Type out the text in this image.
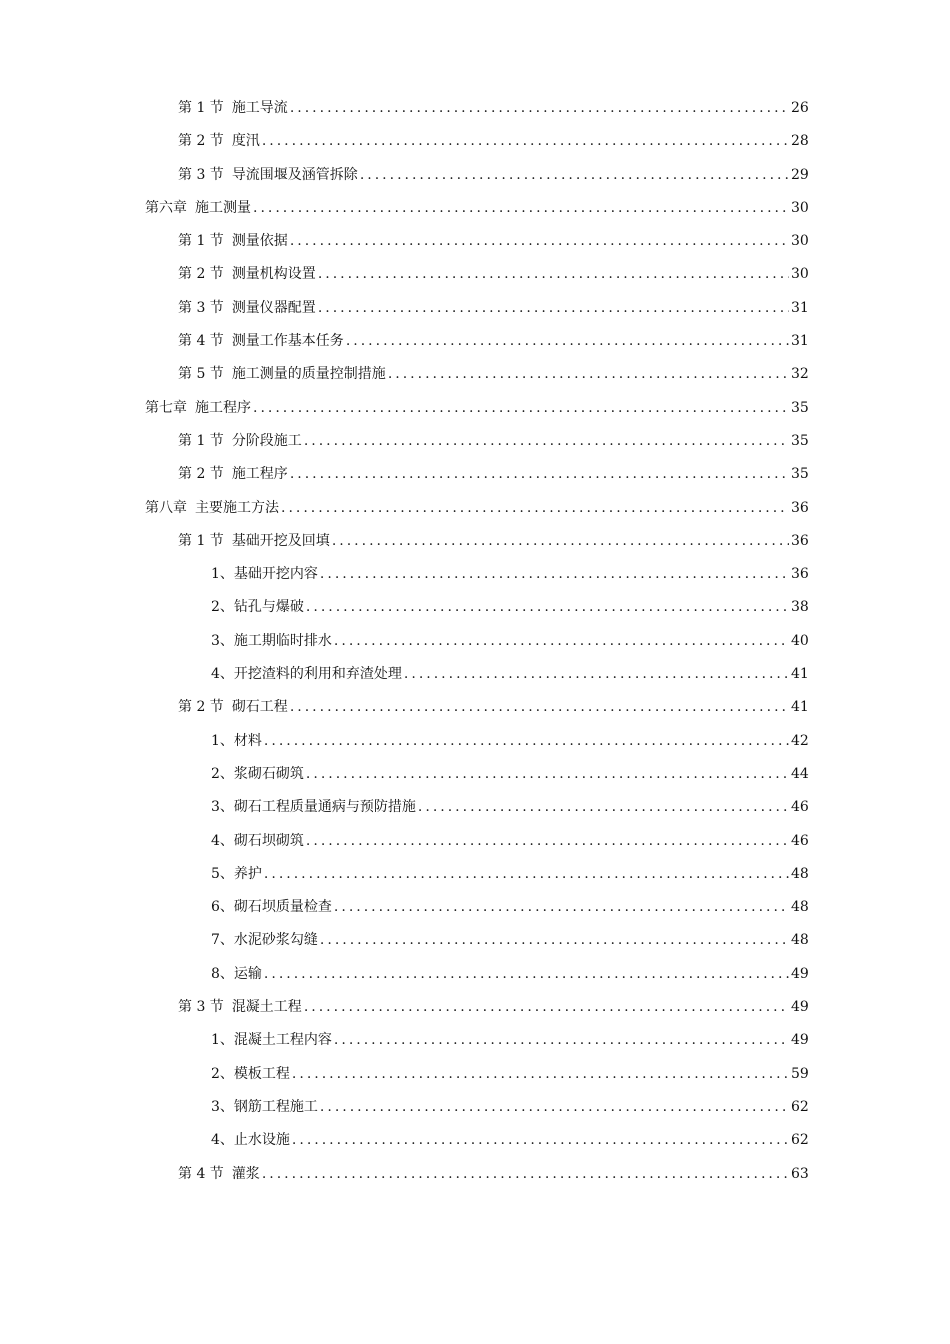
第 1 节 施工导流 .....	26
第 2 节 度汛 .....	28
第 3 节 导流围堰及涵管拆除 .....	29
第六章 施工测量 .....	30
第 1 节 测量依据 .....	30
第 2 节 测量机构设置 .....	30
第 3 节 测量仪器配置 .....	31
第 4 节 测量工作基本任务 .....	31
第 5 节 施工测量的质量控制措施 .....	32
第七章 施工程序 .....	35
第 1 节 分阶段施工 .....	35
第 2 节 施工程序 .....	35
第八章 主要施工方法 .....	36
第 1 节 基础开挖及回填 .....	36
1、 基础开挖内容 .....	36
2、 钻孔与爆破 .....	38
3、 施工期临时排水 .....	40
4、 开挖渣料的利用和弃渣处理 .....	41
第 2 节 砌石工程 .....	41
1、 材料 .....	42
2、 浆砌石砌筑 .....	44
3、 砌石工程质量通病与预防措施 .....	46
4、 砌石坝砌筑 .....	46
5、 养护 .....	48
6、 砌石坝质量检查 .....	48
7、 水泥砂浆勾缝 .....	48
8、 运输 .....	49
第 3 节 混凝土工程 .....	49
1、 混凝土工程内容 .....	49
2、 模板工程 .....	59
3、 钢筋工程施工 .....	62
4、 止水设施 .....	62
第 4 节 灌浆 .....	63
